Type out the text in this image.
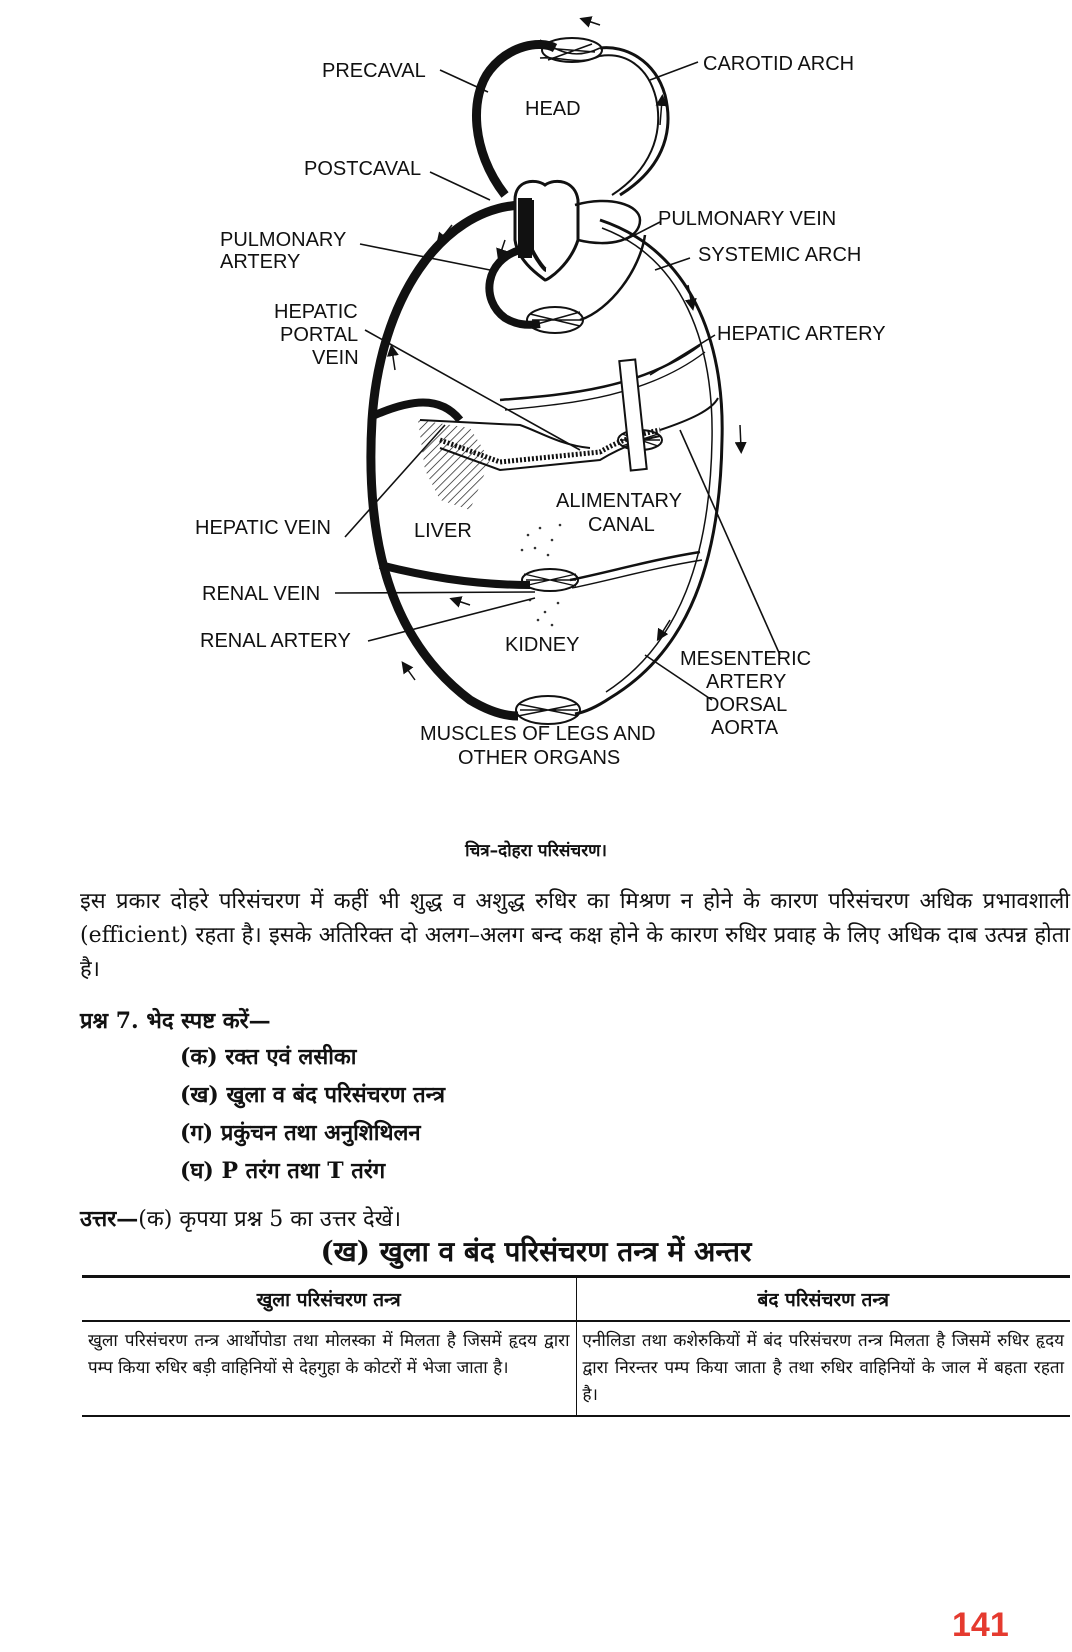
PRECAVAL	CAROTID ARCH
HEAD
POSTCAVAL
PULMONARY VEIN
PULMONARY
ARTERY	SYSTEMIC ARCH
HEPATIC
PORTAL
VEIN
HEPATIC ARTERY
ALIMENTARY
CANAL
HEPATIC VEIN	LIVER
RENAL VEIN
RENAL ARTERY	KIDNEY
MESENTERIC
ARTERY
DORSAL
AORTA
MUSCLES OF LEGS AND
OTHER ORGANS
चित्र–दोहरा परिसंचरण।
इस प्रकार दोहरे परिसंचरण में कहीं भी शुद्ध व अशुद्ध रुधिर का मिश्रण न होने के कारण परिसंचरण अधिक प्रभावशाली (efficient) रहता है। इसके अतिरिक्त दो अलग–अलग बन्द कक्ष होने के कारण रुधिर प्रवाह के लिए अधिक दाब उत्पन्न होता है।
प्रश्न 7. भेद स्पष्ट करें—
(क) रक्त एवं लसीका
(ख) खुला व बंद परिसंचरण तन्त्र
(ग) प्रकुंचन तथा अनुशिथिलन
(घ) P तरंग तथा T तरंग
उत्तर—(क) कृपया प्रश्न 5 का उत्तर देखें।
(ख) खुला व बंद परिसंचरण तन्त्र में अन्तर
खुला परिसंचरण तन्त्र	बंद परिसंचरण तन्त्र
खुला परिसंचरण तन्त्र आर्थोपोडा तथा मोलस्का में मिलता है जिसमें हृदय द्वारा पम्प किया रुधिर बड़ी वाहिनियों से देहगुहा के कोटरों में भेजा जाता है।	एनीलिडा तथा कशेरुकियों में बंद परिसंचरण तन्त्र मिलता है जिसमें रुधिर हृदय द्वारा निरन्तर पम्प किया जाता है तथा रुधिर वाहिनियों के जाल में बहता रहता है।
141
